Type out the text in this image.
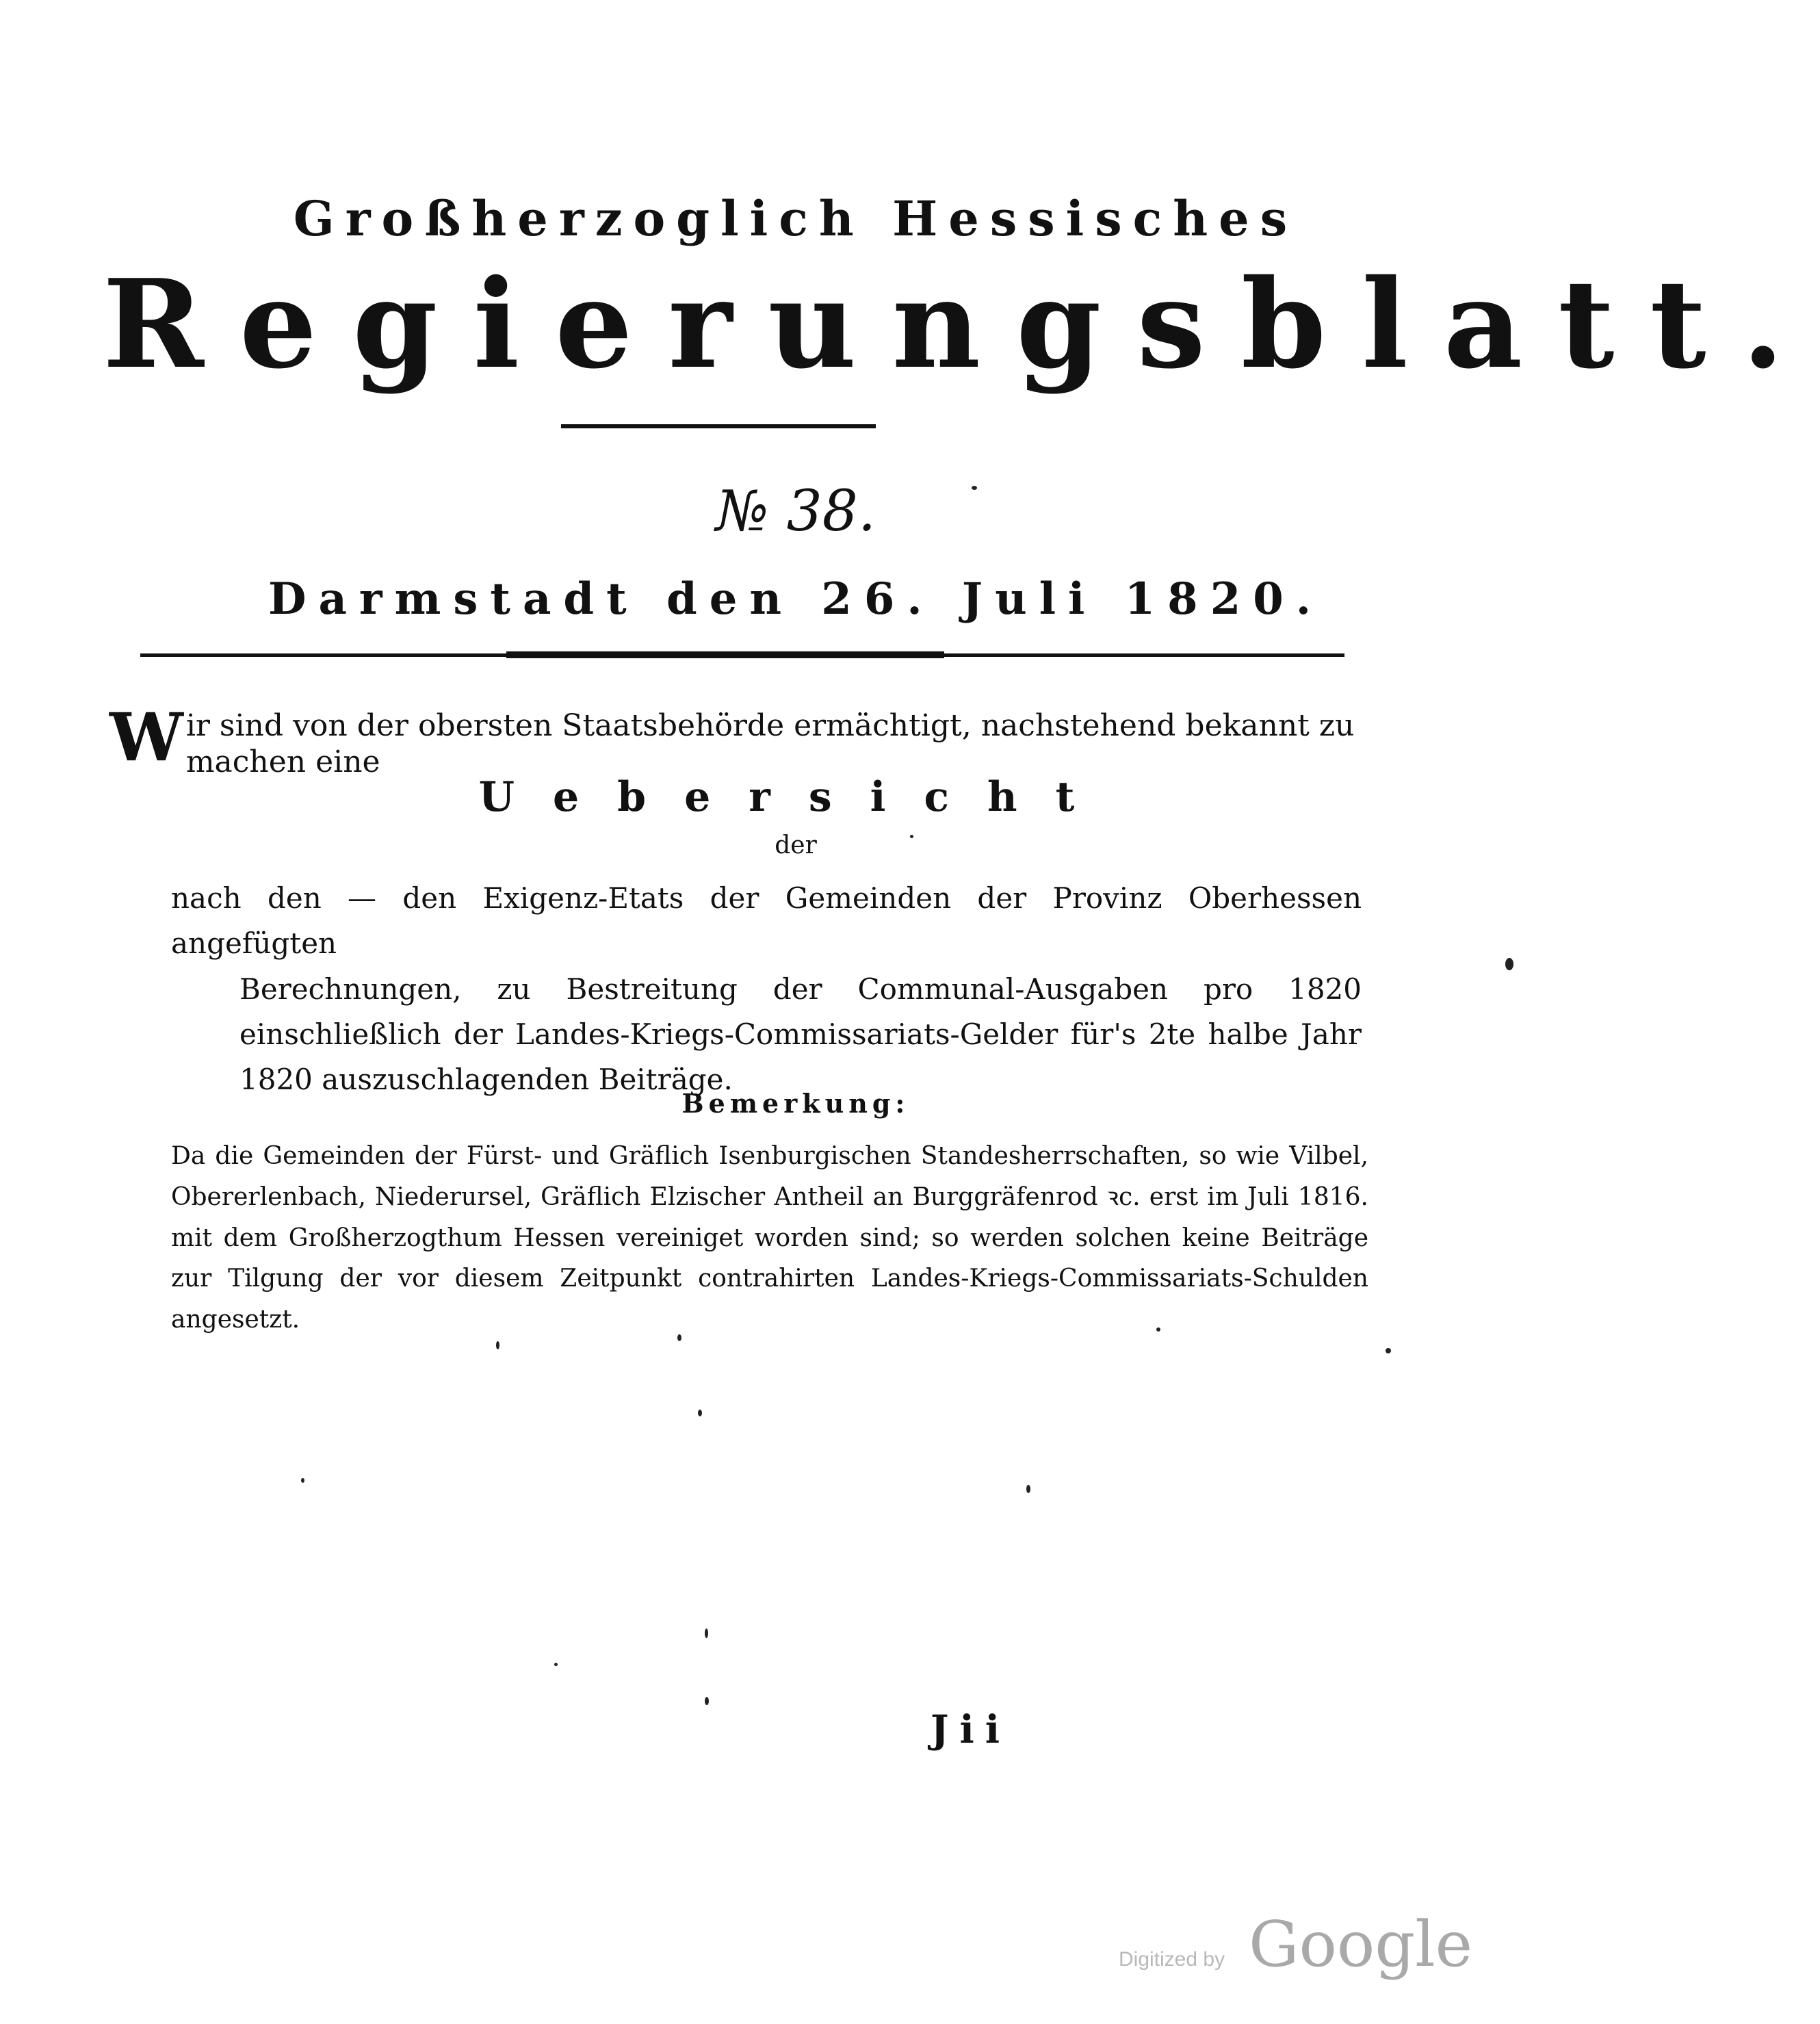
Großherzoglich Hessisches
Regierungsblatt.
№ 38.
Darmstadt den 26. Juli 1820.
Wir sind von der obersten Staatsbehörde ermächtigt, nachstehend bekannt zu machen eine
Uebersicht
der
nach den — den Exigenz-Etats der Gemeinden der Provinz Oberhessen angefügten
Berechnungen, zu Bestreitung der Communal-Ausgaben pro 1820 einschließlich der Landes-Kriegs-Commissariats-Gelder für's 2te halbe Jahr 1820 auszuschlagenden Beiträge.
Bemerkung:
Da die Gemeinden der Fürst- und Gräflich Isenburgischen Standesherrschaften, so wie Vilbel, Obererlenbach, Niederursel, Gräflich Elzischer Antheil an Burggräfenrod ꝛc. erst im Juli 1816. mit dem Großherzogthum Hessen vereiniget worden sind; so werden solchen keine Beiträge zur Tilgung der vor diesem Zeitpunkt contrahirten Landes-Kriegs-Commissariats-Schulden angesetzt.
Jii
Digitized by Google
